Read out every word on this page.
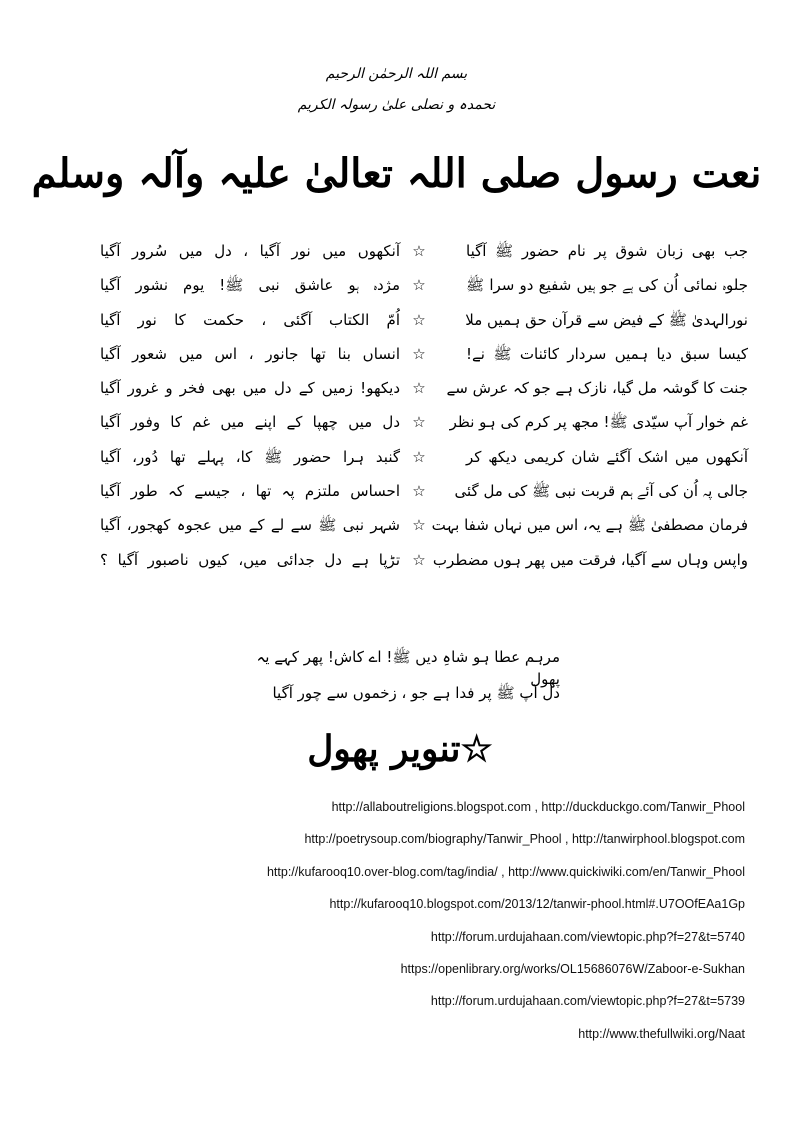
بسم اللہ الرحمٰن الرحیم
نحمدہ و نصلی علیٰ رسولہ الکریم
نعت رسول صلی اللہ تعالیٰ علیہ وآلہ وسلم
جب بھی زبان شوق پر نام حضور ﷺ آگیا
☆
آنکھوں میں نور آگیا ، دل میں سُرور آگیا
جلوہ نمائی اُن کی ہے جو ہیں شفیع دو سرا ﷺ
☆
مژدہ ہو عاشق نبی ﷺ! یوم نشور آگیا
نورالہدیٰ ﷺ کے فیض سے قرآن حق ہمیں ملا
☆
اُمّ الکتاب آگئی ، حکمت کا نور آگیا
کیسا سبق دیا ہمیں سردار کائنات ﷺ نے!
☆
انساں بنا تھا جانور ، اس میں شعور آگیا
جنت کا گوشہ مل گیا، نازک ہے جو کہ عرش سے
☆
دیکھو! زمیں کے دل میں بھی فخر و غرور آگیا
غم خوار آپ سیّدی ﷺ! مجھ پر کرم کی ہو نظر
☆
دل میں چھپا کے اپنے میں غم کا وفور آگیا
آنکھوں میں اشک آگئے شان کریمی دیکھ کر
☆
گنبد ہرا حضور ﷺ کا، پہلے تھا دُور، آگیا
جالی پہ اُن کی آئے ہم قربت نبی ﷺ کی مل گئی
☆
احساس ملتزم پہ تھا ، جیسے کہ طور آگیا
فرمان مصطفیٰ ﷺ ہے یہ، اس میں نہاں شفا بہت
☆
شہر نبی ﷺ سے لے کے میں عجوہ کھجور، آگیا
واپس وہاں سے آگیا، فرقت میں پھر ہوں مضطرب
☆
تڑپا ہے دل جدائی میں، کیوں ناصبور آگیا ؟
مرہم عطا ہو شاہِ دیں ﷺ! اے کاش! پھر کہے یہ پھول
دل آپ ﷺ پر فدا ہے جو ، زخموں سے چور آگیا
☆تنویر پھول
http://allaboutreligions.blogspot.com , http://duckduckgo.com/Tanwir_Phool
http://poetrysoup.com/biography/Tanwir_Phool , http://tanwirphool.blogspot.com
http://kufarooq10.over-blog.com/tag/india/ , http://www.quickiwiki.com/en/Tanwir_Phool
http://kufarooq10.blogspot.com/2013/12/tanwir-phool.html#.U7OOfEAa1Gp
http://forum.urdujahaan.com/viewtopic.php?f=27&t=5740
https://openlibrary.org/works/OL15686076W/Zaboor-e-Sukhan
http://forum.urdujahaan.com/viewtopic.php?f=27&t=5739
http://www.thefullwiki.org/Naat
